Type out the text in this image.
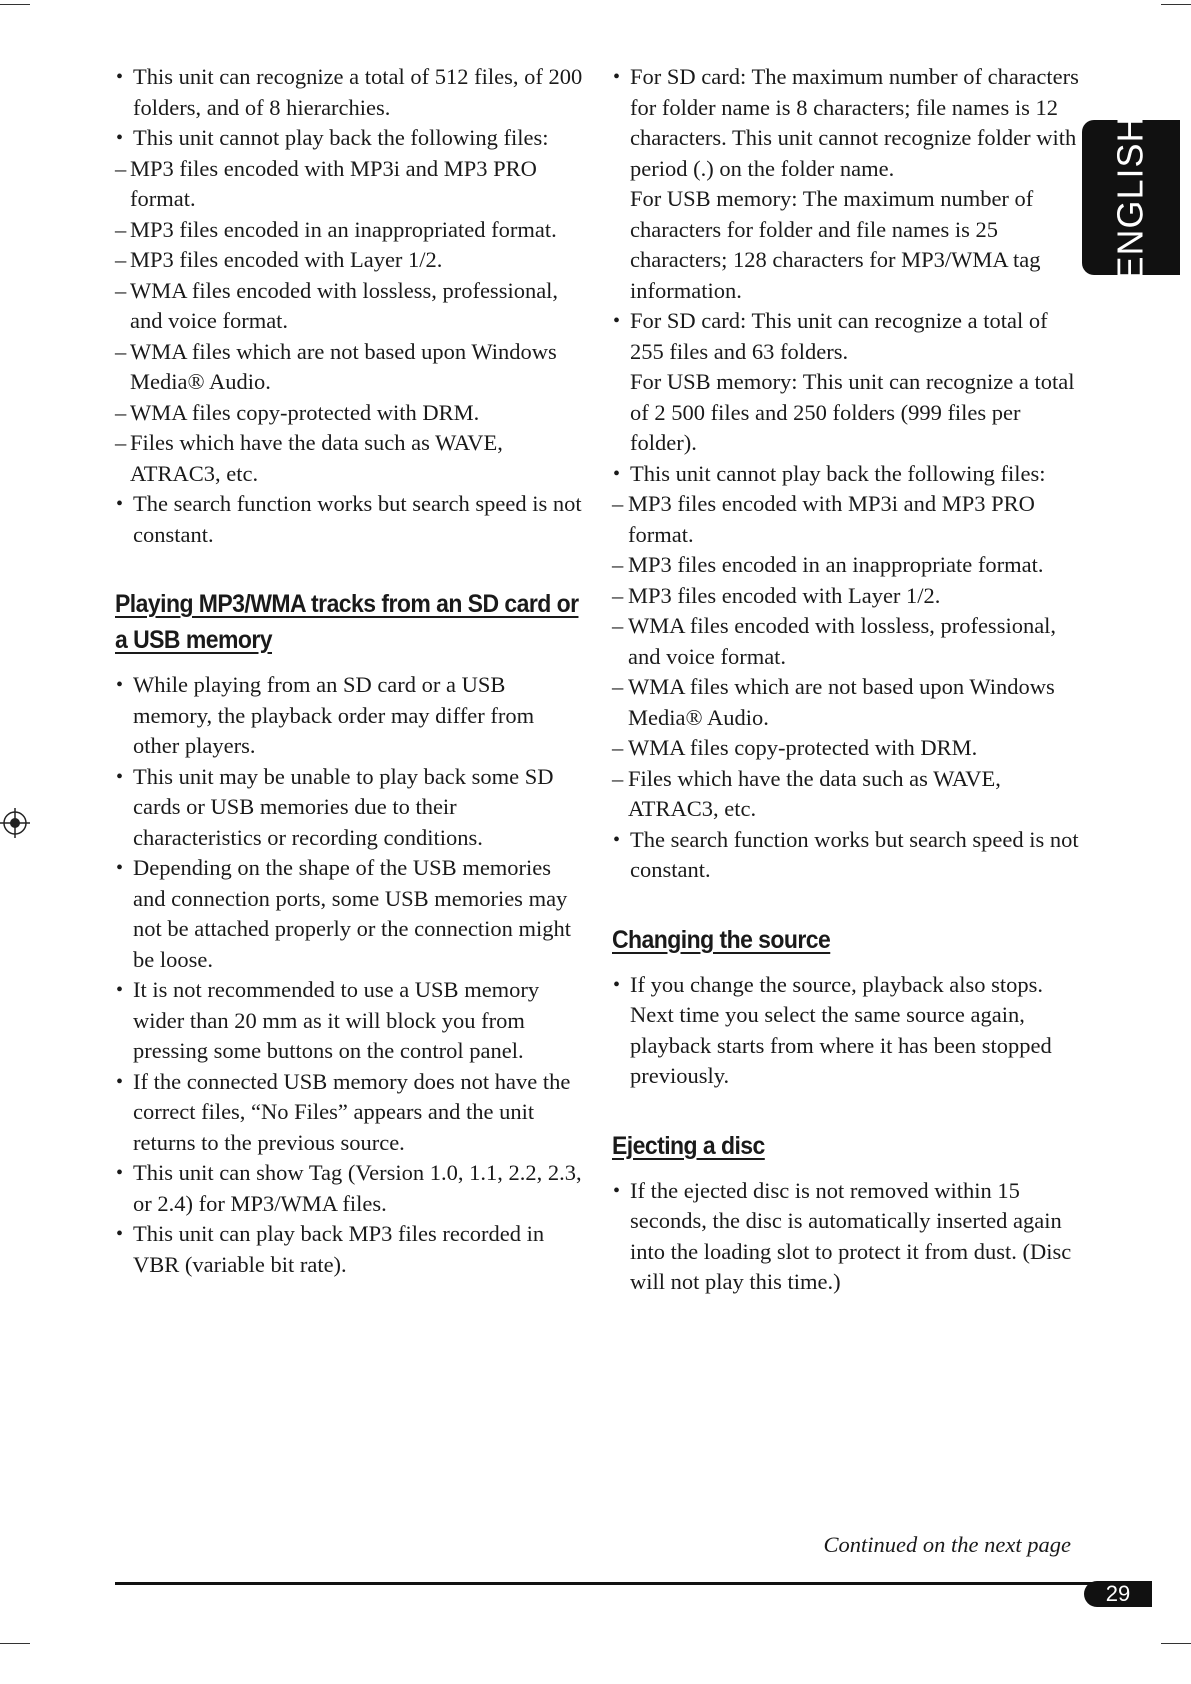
• This unit can recognize a total of 512 files, of 200 folders, and of 8 hierarchies.
• This unit cannot play back the following files:
– MP3 files encoded with MP3i and MP3 PRO format.
– MP3 files encoded in an inappropriated format.
– MP3 files encoded with Layer 1/2.
– WMA files encoded with lossless, professional, and voice format.
– WMA files which are not based upon Windows Media® Audio.
– WMA files copy-protected with DRM.
– Files which have the data such as WAVE, ATRAC3, etc.
• The search function works but search speed is not constant.
Playing MP3/WMA tracks from an SD card or a USB memory
• While playing from an SD card or a USB memory, the playback order may differ from other players.
• This unit may be unable to play back some SD cards or USB memories due to their characteristics or recording conditions.
• Depending on the shape of the USB memories and connection ports, some USB memories may not be attached properly or the connection might be loose.
• It is not recommended to use a USB memory wider than 20 mm as it will block you from pressing some buttons on the control panel.
• If the connected USB memory does not have the correct files, “No Files” appears and the unit returns to the previous source.
• This unit can show Tag (Version 1.0, 1.1, 2.2, 2.3, or 2.4) for MP3/WMA files.
• This unit can play back MP3 files recorded in VBR (variable bit rate).
• For SD card: The maximum number of characters for folder name is 8 characters; file names is 12 characters. This unit cannot recognize folder with period (.) on the folder name.
For USB memory: The maximum number of characters for folder and file names is 25 characters; 128 characters for MP3/WMA tag information.
• For SD card: This unit can recognize a total of 255 files and 63 folders.
For USB memory: This unit can recognize a total of 2 500 files and 250 folders (999 files per folder).
• This unit cannot play back the following files:
– MP3 files encoded with MP3i and MP3 PRO format.
– MP3 files encoded in an inappropriate format.
– MP3 files encoded with Layer 1/2.
– WMA files encoded with lossless, professional, and voice format.
– WMA files which are not based upon Windows Media® Audio.
– WMA files copy-protected with DRM.
– Files which have the data such as WAVE, ATRAC3, etc.
• The search function works but search speed is not constant.
Changing the source
• If you change the source, playback also stops. Next time you select the same source again, playback starts from where it has been stopped previously.
Ejecting a disc
• If the ejected disc is not removed within 15 seconds, the disc is automatically inserted again into the loading slot to protect it from dust. (Disc will not play this time.)
ENGLISH
Continued on the next page
29
